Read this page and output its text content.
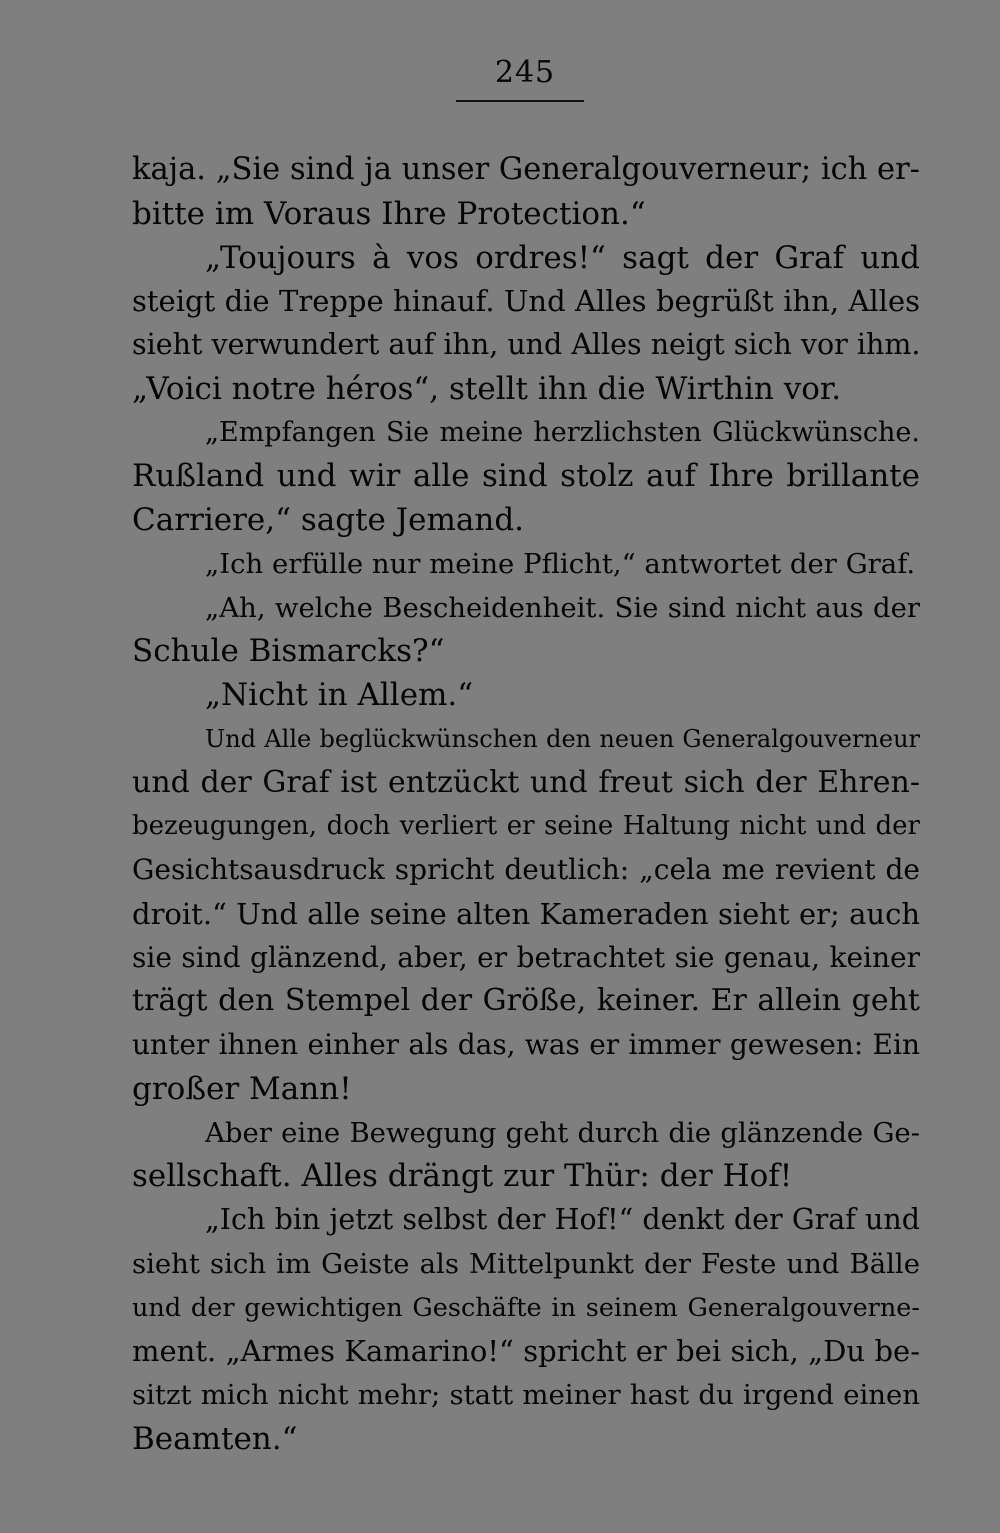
245
kaja. „Sie sind ja unser Generalgouverneur; ich er-
bitte im Voraus Ihre Protection.“
„Toujours à vos ordres!“ sagt der Graf und
steigt die Treppe hinauf. Und Alles begrüßt ihn, Alles
sieht verwundert auf ihn, und Alles neigt sich vor ihm.
„Voici notre héros“, stellt ihn die Wirthin vor.
„Empfangen Sie meine herzlichsten Glückwünsche.
Rußland und wir alle sind stolz auf Ihre brillante
Carriere,“ sagte Jemand.
„Ich erfülle nur meine Pflicht,“ antwortet der Graf.
„Ah, welche Bescheidenheit. Sie sind nicht aus der
Schule Bismarcks?“
„Nicht in Allem.“
Und Alle beglückwünschen den neuen Generalgouverneur
und der Graf ist entzückt und freut sich der Ehren-
bezeugungen, doch verliert er seine Haltung nicht und der
Gesichtsausdruck spricht deutlich: „cela me revient de
droit.“ Und alle seine alten Kameraden sieht er; auch
sie sind glänzend, aber, er betrachtet sie genau, keiner
trägt den Stempel der Größe, keiner. Er allein geht
unter ihnen einher als das, was er immer gewesen: Ein
großer Mann!
Aber eine Bewegung geht durch die glänzende Ge-
sellschaft. Alles drängt zur Thür: der Hof!
„Ich bin jetzt selbst der Hof!“ denkt der Graf und
sieht sich im Geiste als Mittelpunkt der Feste und Bälle
und der gewichtigen Geschäfte in seinem Generalgouverne-
ment. „Armes Kamarino!“ spricht er bei sich, „Du be-
sitzt mich nicht mehr; statt meiner hast du irgend einen
Beamten.“
